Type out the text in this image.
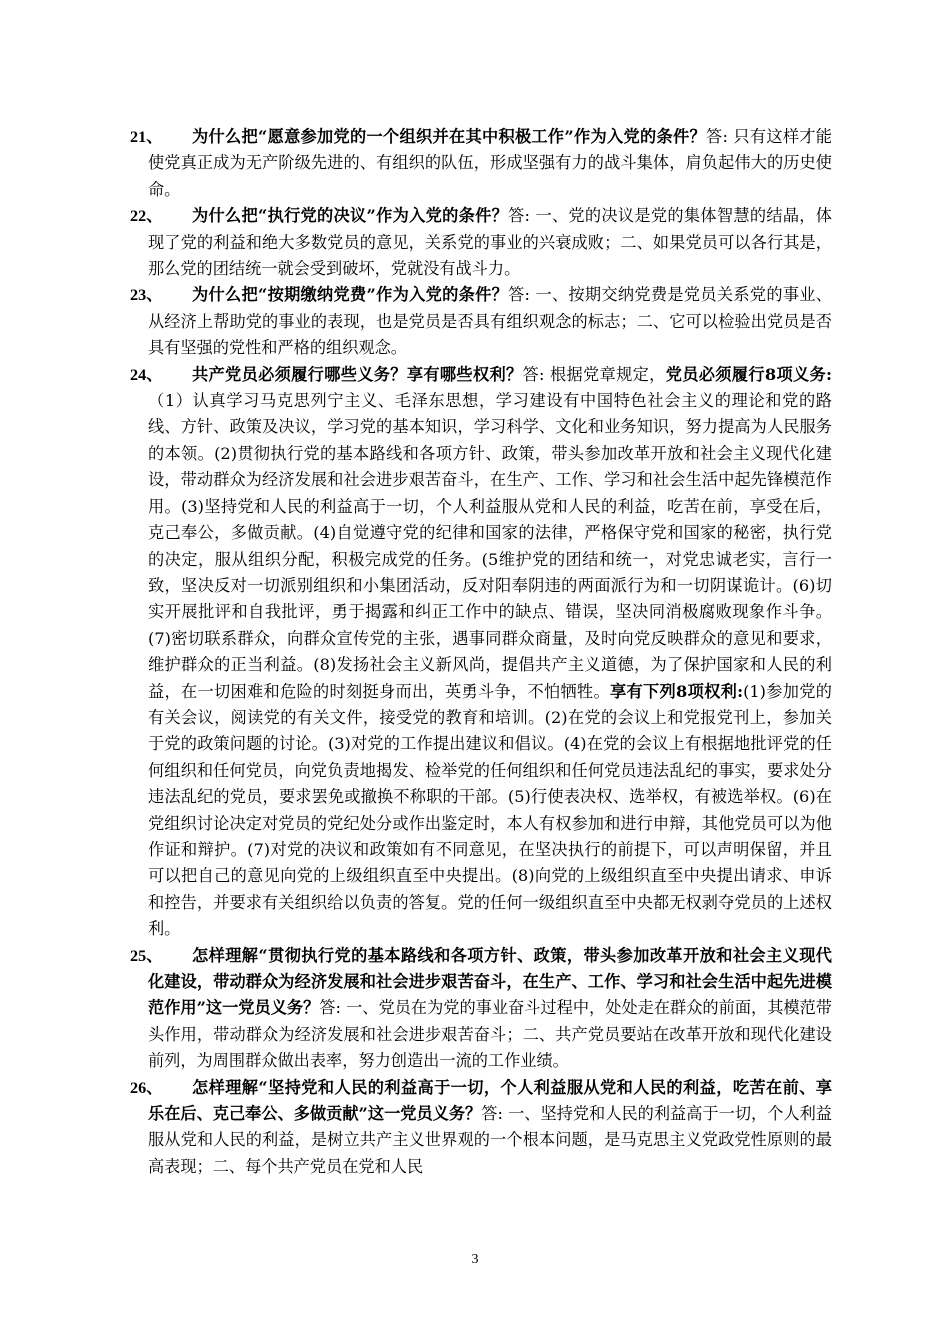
21、 为什么把“愿意参加党的一个组织并在其中积极工作”作为入党的条件？答: 只有这样才能使党真正成为无产阶级先进的、有组织的队伍，形成坚强有力的战斗集体，肩负起伟大的历史使命。

22、 为什么把“执行党的决议”作为入党的条件？答: 一、党的决议是党的集体智慧的结晶，体现了党的利益和绝大多数党员的意见，关系党的事业的兴衰成败；二、如果党员可以各行其是，那么党的团结统一就会受到破坏，党就没有战斗力。

23、 为什么把“按期缴纳党费”作为入党的条件？答: 一、按期交纳党费是党员关系党的事业、从经济上帮助党的事业的表现，也是党员是否具有组织观念的标志；二、它可以检验出党员是否具有坚强的党性和严格的组织观念。

24、 共产党员必须履行哪些义务？享有哪些权利？答: 根据党章规定，党员必须履行8项义务:（1）认真学习马克思列宁主义、毛泽东思想，学习建设有中国特色社会主义的理论和党的路线、方针、政策及决议，学习党的基本知识，学习科学、文化和业务知识，努力提高为人民服务的本领。(2)贯彻执行党的基本路线和各项方针、政策，带头参加改革开放和社会主义现代化建设，带动群众为经济发展和社会进步艰苦奋斗，在生产、工作、学习和社会生活中起先锋模范作用。(3)坚持党和人民的利益高于一切，个人利益服从党和人民的利益，吃苦在前，享受在后，克己奉公，多做贡献。(4)自觉遵守党的纪律和国家的法律，严格保守党和国家的秘密，执行党的决定，服从组织分配，积极完成党的任务。(5维护党的团结和统一，对党忠诚老实，言行一致，坚决反对一切派别组织和小集团活动，反对阳奉阴违的两面派行为和一切阴谋诡计。(6)切实开展批评和自我批评，勇于揭露和纠正工作中的缺点、错误，坚决同消极腐败现象作斗争。(7)密切联系群众，向群众宣传党的主张，遇事同群众商量，及时向党反映群众的意见和要求，维护群众的正当利益。(8)发扬社会主义新风尚，提倡共产主义道德，为了保护国家和人民的利益，在一切困难和危险的时刻挺身而出，英勇斗争，不怕牺牲。享有下列8项权利:(1)参加党的有关会议，阅读党的有关文件，接受党的教育和培训。(2)在党的会议上和党报党刊上，参加关于党的政策问题的讨论。(3)对党的工作提出建议和倡议。(4)在党的会议上有根据地批评党的任何组织和任何党员，向党负责地揭发、检举党的任何组织和任何党员违法乱纪的事实，要求处分违法乱纪的党员，要求罢免或撤换不称职的干部。(5)行使表决权、选举权，有被选举权。(6)在党组织讨论决定对党员的党纪处分或作出鉴定时，本人有权参加和进行申辩，其他党员可以为他作证和辩护。(7)对党的决议和政策如有不同意见，在坚决执行的前提下，可以声明保留，并且可以把自己的意见向党的上级组织直至中央提出。(8)向党的上级组织直至中央提出请求、申诉和控告，并要求有关组织给以负责的答复。党的任何一级组织直至中央都无权剥夺党员的上述权利。

25、 怎样理解“贯彻执行党的基本路线和各项方针、政策，带头参加改革开放和社会主义现代化建设，带动群众为经济发展和社会进步艰苦奋斗，在生产、工作、学习和社会生活中起先进模范作用”这一党员义务？答: 一、党员在为党的事业奋斗过程中，处处走在群众的前面，其模范带头作用，带动群众为经济发展和社会进步艰苦奋斗；二、共产党员要站在改革开放和现代化建设前列，为周围群众做出表率，努力创造出一流的工作业绩。

26、 怎样理解“坚持党和人民的利益高于一切，个人利益服从党和人民的利益，吃苦在前、享乐在后、克己奉公、多做贡献”这一党员义务？答: 一、坚持党和人民的利益高于一切，个人利益服从党和人民的利益，是树立共产主义世界观的一个根本问题，是马克思主义党政党性原则的最高表现；二、每个共产党员在党和人民

3
